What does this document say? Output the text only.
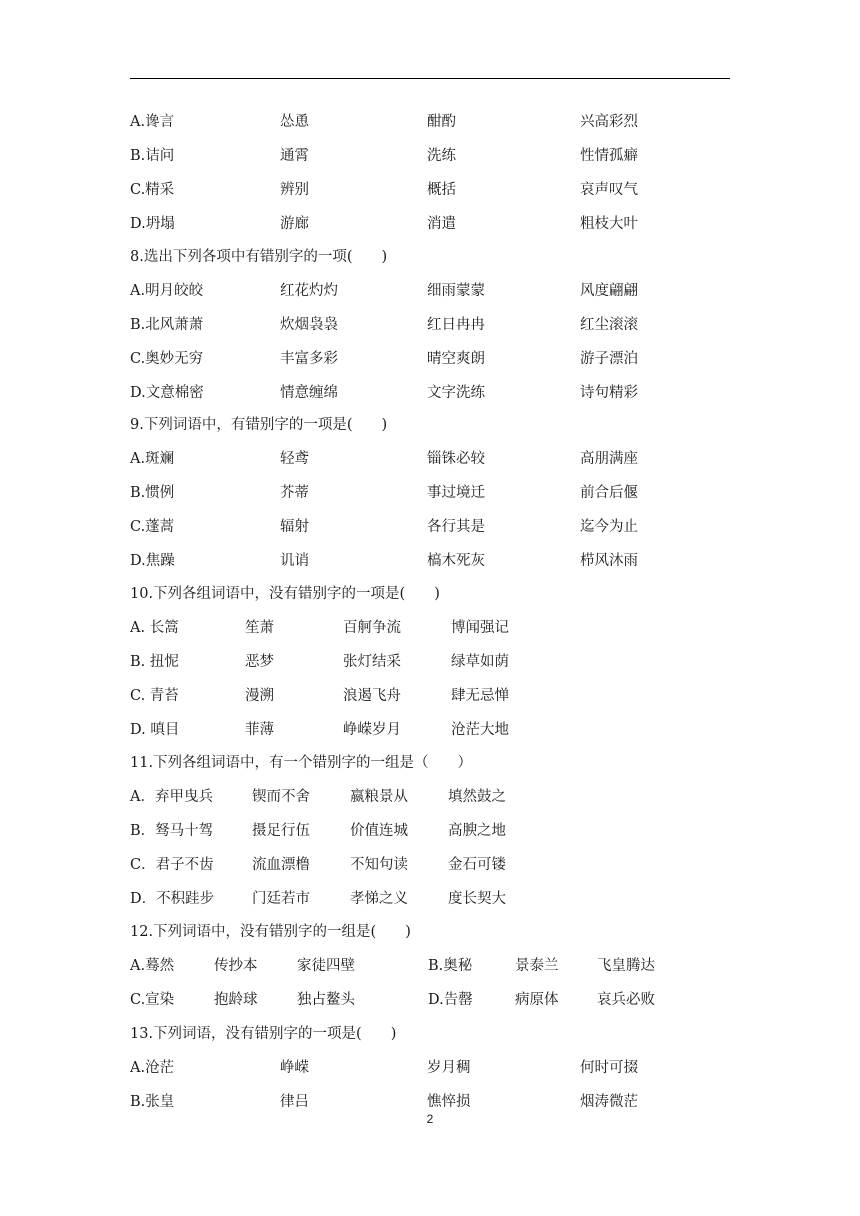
A.谗言	怂恿	酣酌	兴高彩烈
B.诘问	通霄	洗练	性情孤癖
C.精采	辨别	概括	哀声叹气
D.坍塌	游廊	消遣	粗枝大叶
8.选出下列各项中有错别字的一项(　　)
A.明月皎皎	红花灼灼	细雨蒙蒙	风度翩翩
B.北风萧萧	炊烟袅袅	红日冉冉	红尘滚滚
C.奥妙无穷	丰富多彩	晴空爽朗	游子漂泊
D.文意棉密	情意缠绵	文字洗练	诗句精彩
9.下列词语中，有错别字的一项是(　　)
A.斑斓	轻鸢	锱铢必较	高朋满座
B.惯例	芥蒂	事过境迁	前合后偃
C.蓬蒿	辐射	各行其是	迄今为止
D.焦躁	讥诮	槁木死灰	栉风沐雨
10.下列各组词语中，没有错别字的一项是(　　)
A. 长篙	笙萧	百舸争流	博闻强记
B. 扭怩	恶梦	张灯结采	绿草如荫
C. 青苔	漫溯	浪遏飞舟	肆无忌惮
D. 嗔目	菲薄	峥嵘岁月	沧茫大地
11.下列各组词语中，有一个错别字的一组是（　　）
A．弃甲曳兵	锲而不舍	嬴粮景从	填然鼓之
B．驽马十驾	摄足行伍	价值连城	高腴之地
C．君子不齿	流血漂橹	不知句读	金石可镂
D．不积跬步	门廷若市	孝悌之义	度长契大
12.下列词语中，没有错别字的一组是(　　)
A.蓦然	传抄本	家徒四壁	B.奥秘	景泰兰	飞皇腾达
C.宣染	抱龄球	独占鳌头	D.告罄	病原体	哀兵必败
13.下列词语，没有错别字的一项是(　　)
A.沧茫	峥嵘	岁月稠	何时可掇
B.张皇	律吕	憔悴损	烟涛微茫
2
